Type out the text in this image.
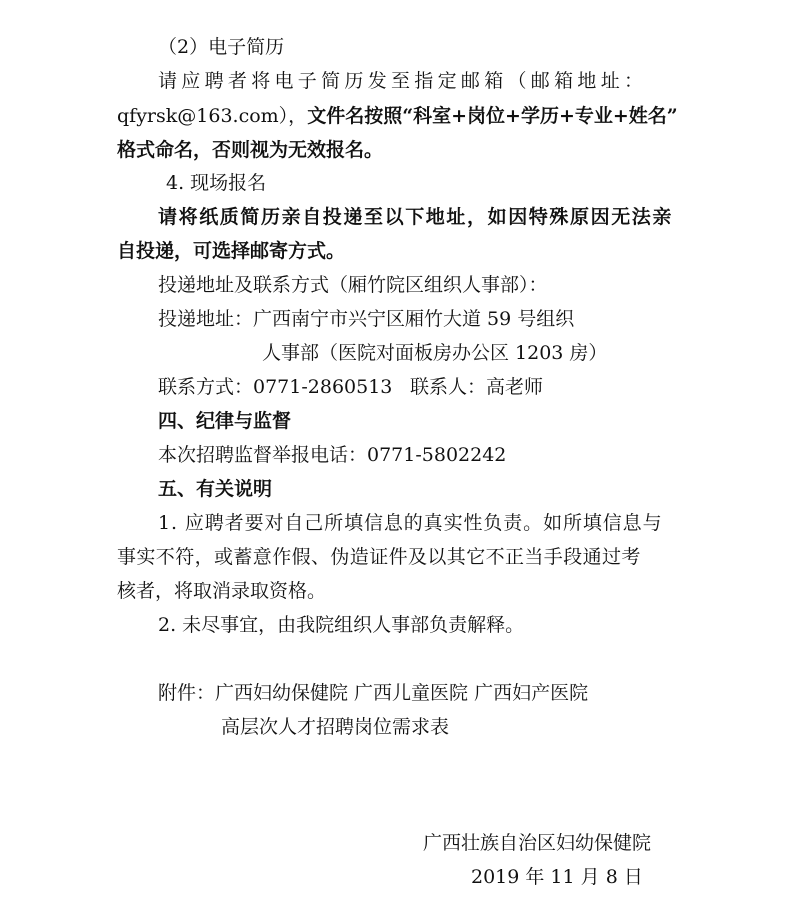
（2）电子简历
请应聘者将电子简历发至指定邮箱（邮箱地址：
qfyrsk@163.com），文件名按照“科室+岗位+学历+专业+姓名”
格式命名，否则视为无效报名。
4. 现场报名
请将纸质简历亲自投递至以下地址，如因特殊原因无法亲
自投递，可选择邮寄方式。
投递地址及联系方式（厢竹院区组织人事部）：
投递地址：广西南宁市兴宁区厢竹大道 59 号组织
人事部（医院对面板房办公区 1203 房）
联系方式：0771-2860513 联系人：高老师
四、纪律与监督
本次招聘监督举报电话：0771-5802242
五、有关说明
1. 应聘者要对自己所填信息的真实性负责。如所填信息与
事实不符，或蓄意作假、伪造证件及以其它不正当手段通过考
核者，将取消录取资格。
2. 未尽事宜，由我院组织人事部负责解释。
附件：广西妇幼保健院 广西儿童医院 广西妇产医院
高层次人才招聘岗位需求表
广西壮族自治区妇幼保健院
2019 年 11 月 8 日
